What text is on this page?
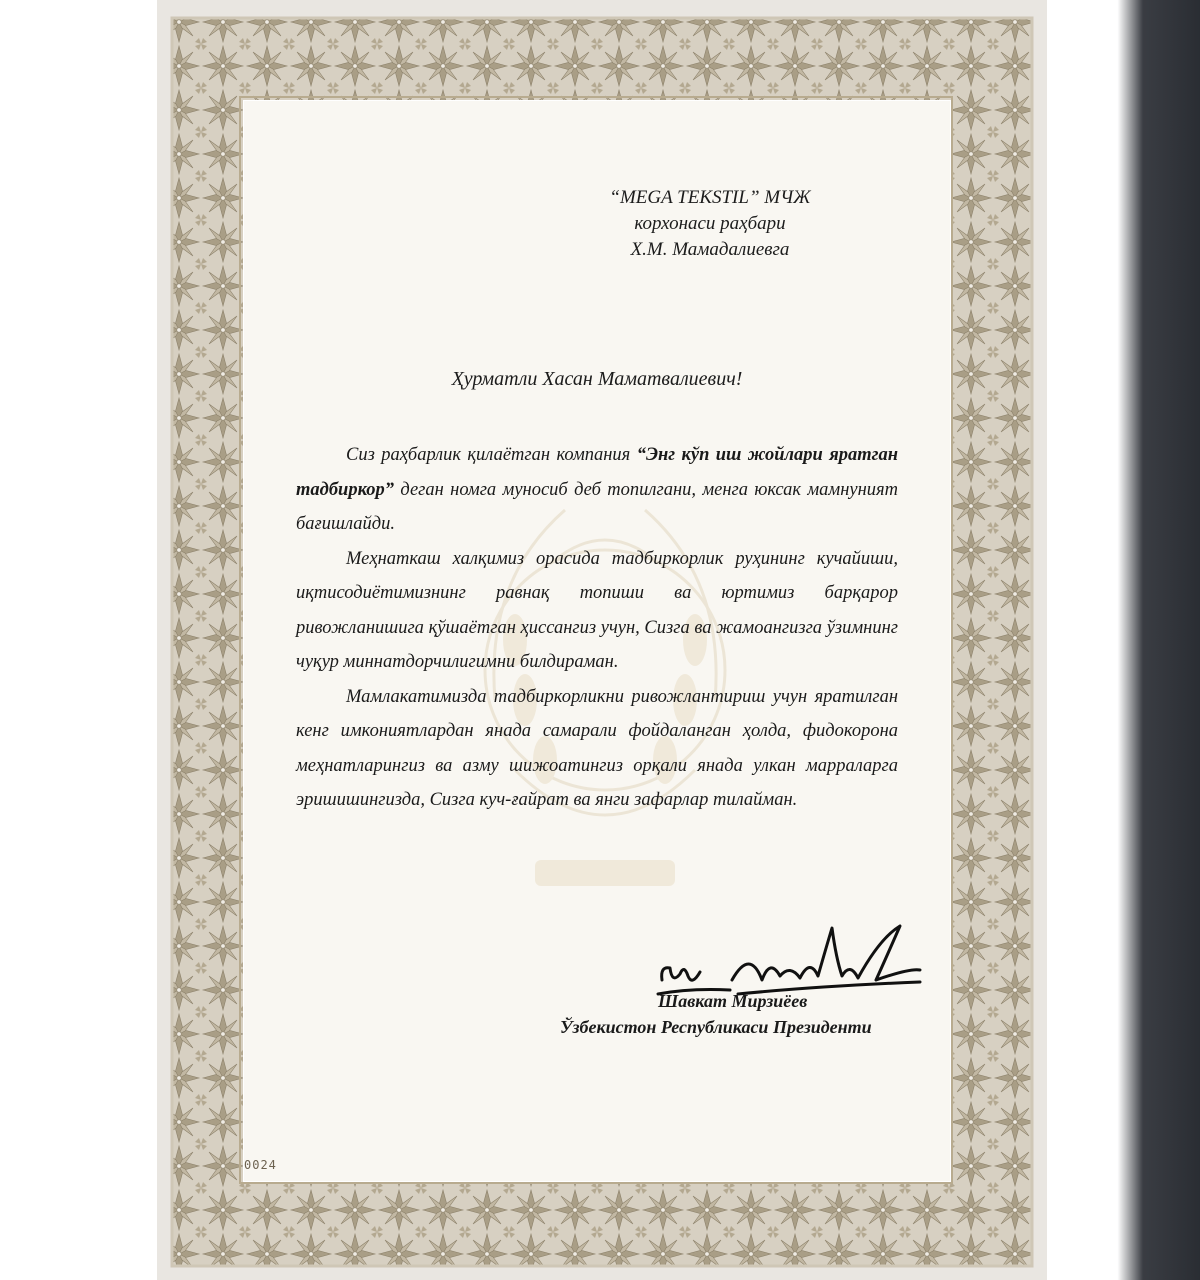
“MEGA TEKSTIL” МЧЖ
корхонаси раҳбари
Х.М. Мамадалиевга
Ҳурматли Хасан Маматвалиевич!

Сиз раҳбарлик қилаётган компания “Энг кўп иш жойлари яратган тадбиркор” деган номга муносиб деб топилгани, менга юксак мамнуният бағишлайди.

Меҳнаткаш халқимиз орасида тадбиркорлик руҳининг кучайиши, иқтисодиётимизнинг равнақ топиши ва юртимиз барқарор ривожланишига қўшаётган ҳиссангиз учун, Сизга ва жамоангизга ўзимнинг чуқур миннатдорчилигимни билдираман.

Мамлакатимизда тадбиркорликни ривожлантириш учун яратилган кенг имкониятлардан янада самарали фойдаланган ҳолда, фидокорона меҳнатларингиз ва азму шижоатингиз орқали янада улкан марраларга эришишингизда, Сизга куч-ғайрат ва янги зафарлар тилайман.

Шавкат Мирзиёев
Ўзбекистон Республикаси Президенти
0024
